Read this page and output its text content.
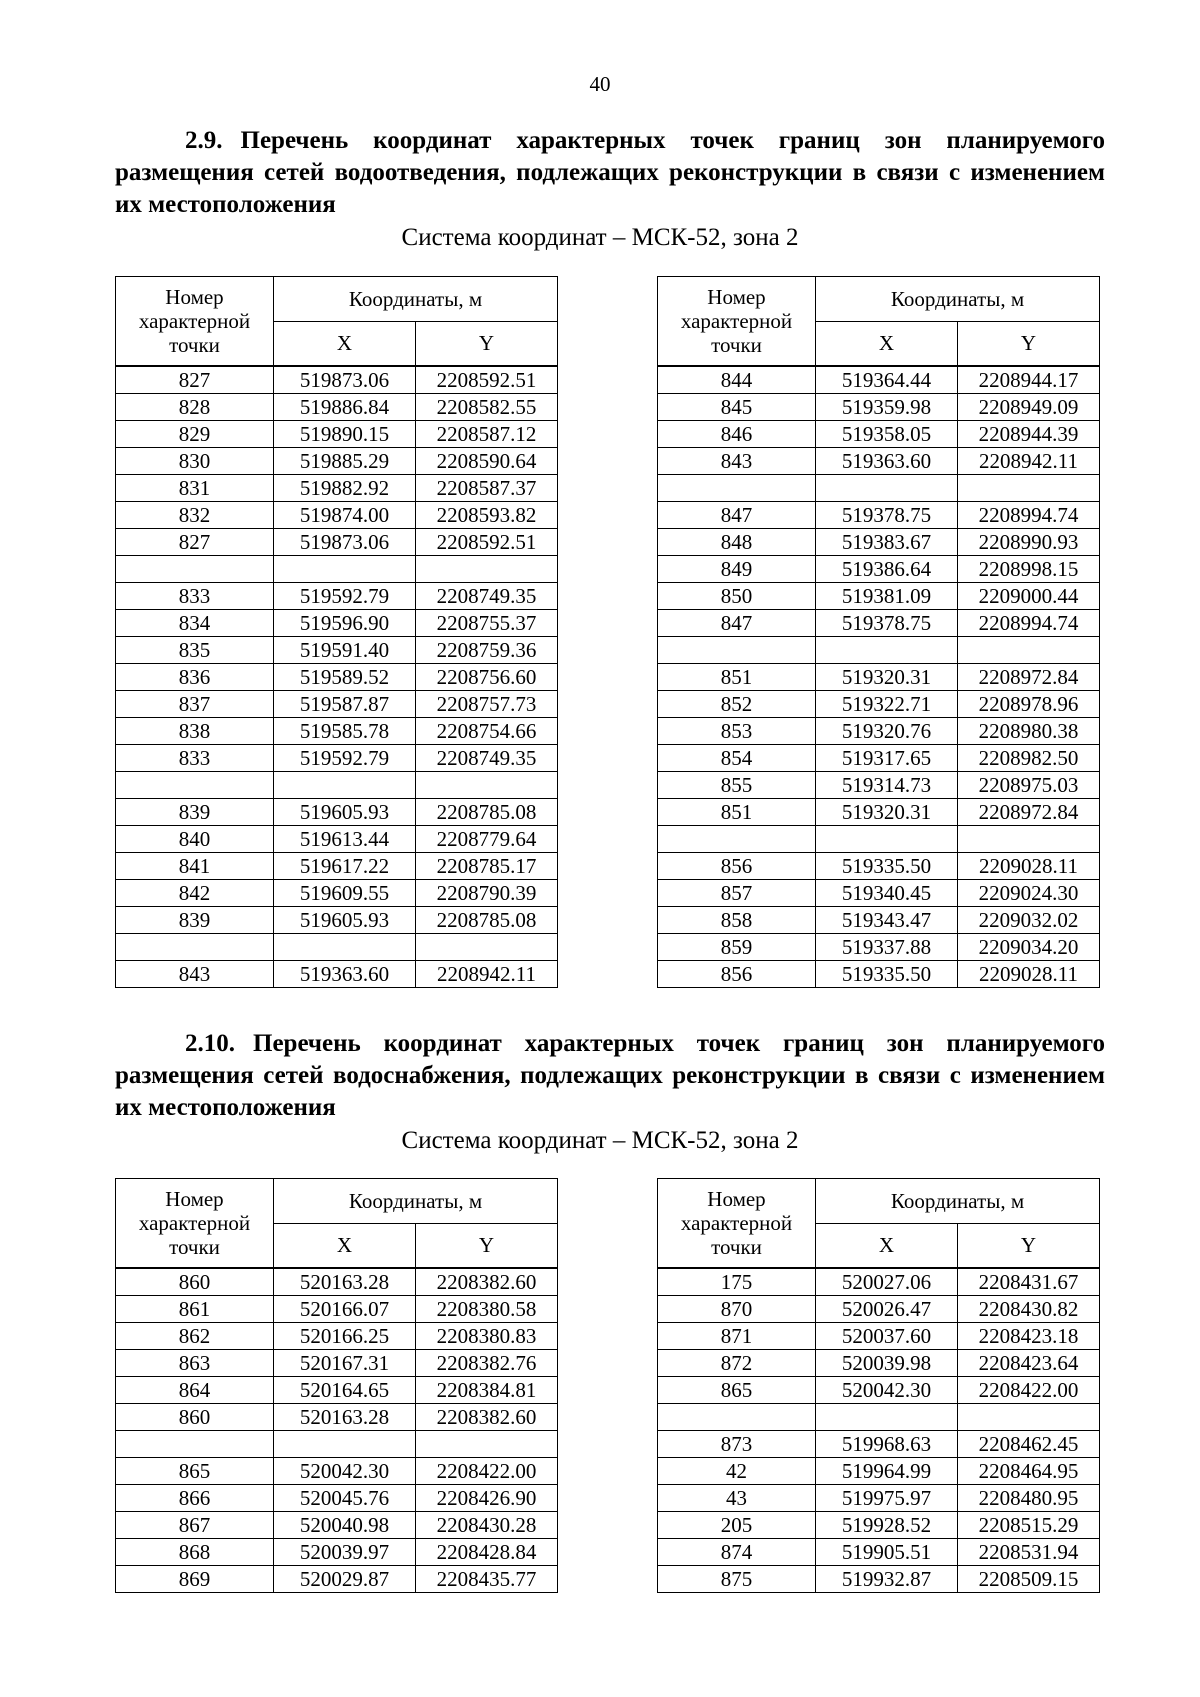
40
2.9. Перечень координат характерных точек границ зон планируемого размещения сетей водоотведения, подлежащих реконструкции в связи с изменением их местоположения
Система координат – МСК-52, зона 2
Номер характерной точки	Координаты, м	
	X	Y
827	519873.06	2208592.51
828	519886.84	2208582.55
829	519890.15	2208587.12
830	519885.29	2208590.64
831	519882.92	2208587.37
832	519874.00	2208593.82
827	519873.06	2208592.51

833	519592.79	2208749.35
834	519596.90	2208755.37
835	519591.40	2208759.36
836	519589.52	2208756.60
837	519587.87	2208757.73
838	519585.78	2208754.66
833	519592.79	2208749.35

839	519605.93	2208785.08
840	519613.44	2208779.64
841	519617.22	2208785.17
842	519609.55	2208790.39
839	519605.93	2208785.08

843	519363.60	2208942.11
Номер характерной точки	Координаты, м	
	X	Y
844	519364.44	2208944.17
845	519359.98	2208949.09
846	519358.05	2208944.39
843	519363.60	2208942.11

847	519378.75	2208994.74
848	519383.67	2208990.93
849	519386.64	2208998.15
850	519381.09	2209000.44
847	519378.75	2208994.74

851	519320.31	2208972.84
852	519322.71	2208978.96
853	519320.76	2208980.38
854	519317.65	2208982.50
855	519314.73	2208975.03
851	519320.31	2208972.84

856	519335.50	2209028.11
857	519340.45	2209024.30
858	519343.47	2209032.02
859	519337.88	2209034.20
856	519335.50	2209028.11
2.10. Перечень координат характерных точек границ зон планируемого размещения сетей водоснабжения, подлежащих реконструкции в связи с изменением их местоположения
Система координат – МСК-52, зона 2
Номер характерной точки	Координаты, м	
	X	Y
860	520163.28	2208382.60
861	520166.07	2208380.58
862	520166.25	2208380.83
863	520167.31	2208382.76
864	520164.65	2208384.81
860	520163.28	2208382.60

865	520042.30	2208422.00
866	520045.76	2208426.90
867	520040.98	2208430.28
868	520039.97	2208428.84
869	520029.87	2208435.77
Номер характерной точки	Координаты, м	
	X	Y
175	520027.06	2208431.67
870	520026.47	2208430.82
871	520037.60	2208423.18
872	520039.98	2208423.64
865	520042.30	2208422.00

873	519968.63	2208462.45
42	519964.99	2208464.95
43	519975.97	2208480.95
205	519928.52	2208515.29
874	519905.51	2208531.94
875	519932.87	2208509.15
